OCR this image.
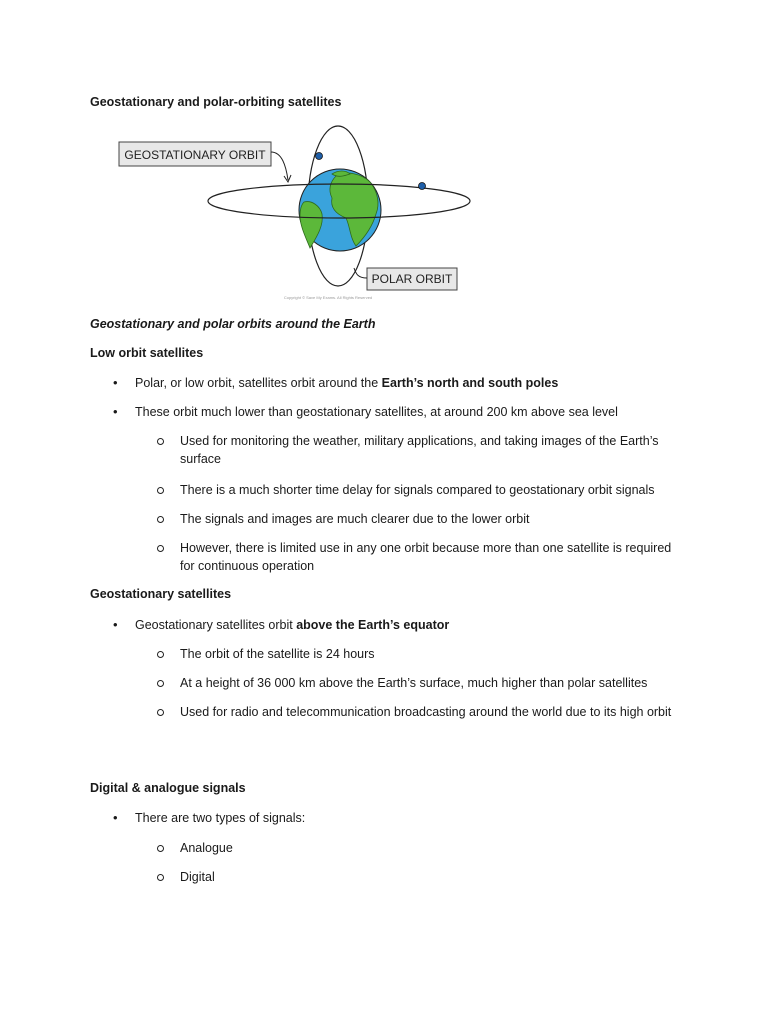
Geostationary and polar-orbiting satellites
GEOSTATIONARY ORBIT
POLAR ORBIT
Copyright © Save My Exams. All Rights Reserved
Geostationary and polar orbits around the Earth
Low orbit satellites
• Polar, or low orbit, satellites orbit around the Earth’s north and south poles
• These orbit much lower than geostationary satellites, at around 200 km above sea level
Used for monitoring the weather, military applications, and taking images of the Earth’s surface
There is a much shorter time delay for signals compared to geostationary orbit signals
The signals and images are much clearer due to the lower orbit
However, there is limited use in any one orbit because more than one satellite is required for continuous operation
Geostationary satellites
• Geostationary satellites orbit above the Earth’s equator
The orbit of the satellite is 24 hours
At a height of 36 000 km above the Earth’s surface, much higher than polar satellites
Used for radio and telecommunication broadcasting around the world due to its high orbit
Digital & analogue signals
• There are two types of signals:
Analogue
Digital
